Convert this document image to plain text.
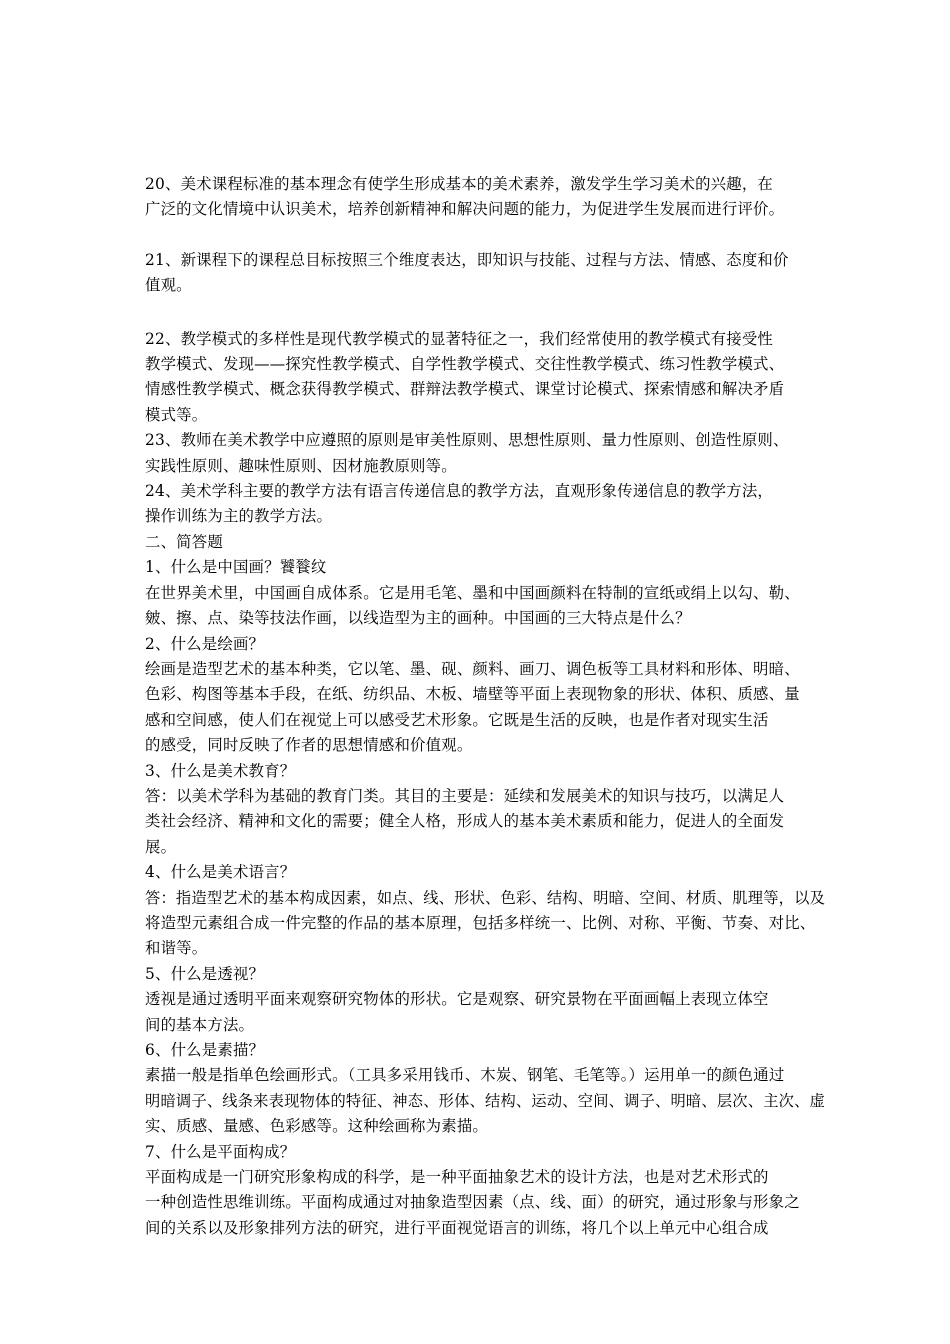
20、美术课程标准的基本理念有使学生形成基本的美术素养，激发学生学习美术的兴趣，在
广泛的文化情境中认识美术，培养创新精神和解决问题的能力，为促进学生发展而进行评价。
21、新课程下的课程总目标按照三个维度表达，即知识与技能、过程与方法、情感、态度和价
值观。
22、教学模式的多样性是现代教学模式的显著特征之一，我们经常使用的教学模式有接受性
教学模式、发现——探究性教学模式、自学性教学模式、交往性教学模式、练习性教学模式、
情感性教学模式、概念获得教学模式、群辩法教学模式、课堂讨论模式、探索情感和解决矛盾
模式等。
23、教师在美术教学中应遵照的原则是审美性原则、思想性原则、量力性原则、创造性原则、
实践性原则、趣味性原则、因材施教原则等。
24、美术学科主要的教学方法有语言传递信息的教学方法，直观形象传递信息的教学方法，
操作训练为主的教学方法。
二、简答题
1、什么是中国画？饕餮纹
在世界美术里，中国画自成体系。它是用毛笔、墨和中国画颜料在特制的宣纸或绢上以勾、勒、
皴、擦、点、染等技法作画，以线造型为主的画种。中国画的三大特点是什么？
2、什么是绘画？
绘画是造型艺术的基本种类，它以笔、墨、砚、颜料、画刀、调色板等工具材料和形体、明暗、
色彩、构图等基本手段，在纸、纺织品、木板、墙壁等平面上表现物象的形状、体积、质感、量
感和空间感，使人们在视觉上可以感受艺术形象。它既是生活的反映，也是作者对现实生活
的感受，同时反映了作者的思想情感和价值观。
3、什么是美术教育？
答：以美术学科为基础的教育门类。其目的主要是：延续和发展美术的知识与技巧，以满足人
类社会经济、精神和文化的需要；健全人格，形成人的基本美术素质和能力，促进人的全面发
展。
4、什么是美术语言？
答：指造型艺术的基本构成因素，如点、线、形状、色彩、结构、明暗、空间、材质、肌理等，以及
将造型元素组合成一件完整的作品的基本原理，包括多样统一、比例、对称、平衡、节奏、对比、
和谐等。
5、什么是透视？
透视是通过透明平面来观察研究物体的形状。它是观察、研究景物在平面画幅上表现立体空
间的基本方法。
6、什么是素描？
素描一般是指单色绘画形式。（工具多采用钱币、木炭、钢笔、毛笔等。）运用单一的颜色通过
明暗调子、线条来表现物体的特征、神态、形体、结构、运动、空间、调子、明暗、层次、主次、虚
实、质感、量感、色彩感等。这种绘画称为素描。
7、什么是平面构成？
平面构成是一门研究形象构成的科学，是一种平面抽象艺术的设计方法，也是对艺术形式的
一种创造性思维训练。平面构成通过对抽象造型因素（点、线、面）的研究，通过形象与形象之
间的关系以及形象排列方法的研究，进行平面视觉语言的训练，将几个以上单元中心组合成
